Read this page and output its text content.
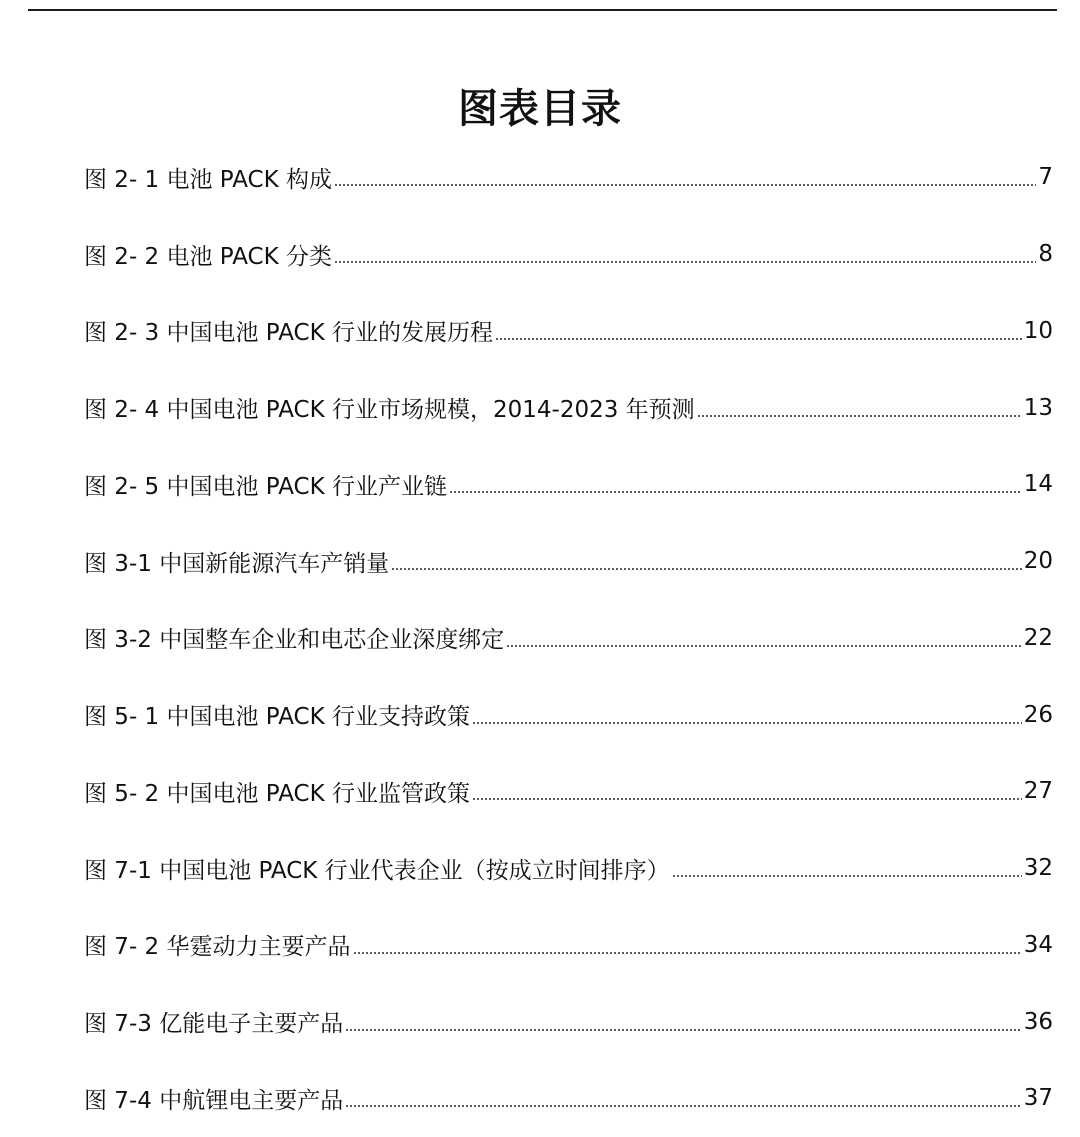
图表目录
图 2- 1 电池 PACK 构成	7
图 2- 2 电池 PACK 分类	8
图 2- 3 中国电池 PACK 行业的发展历程	10
图 2- 4 中国电池 PACK 行业市场规模，2014-2023 年预测	13
图 2- 5 中国电池 PACK 行业产业链	14
图 3-1 中国新能源汽车产销量	20
图 3-2 中国整车企业和电芯企业深度绑定	22
图 5- 1 中国电池 PACK 行业支持政策	26
图 5- 2 中国电池 PACK 行业监管政策	27
图 7-1 中国电池 PACK 行业代表企业（按成立时间排序）	32
图 7- 2 华霆动力主要产品	34
图 7-3 亿能电子主要产品	36
图 7-4 中航锂电主要产品	37
